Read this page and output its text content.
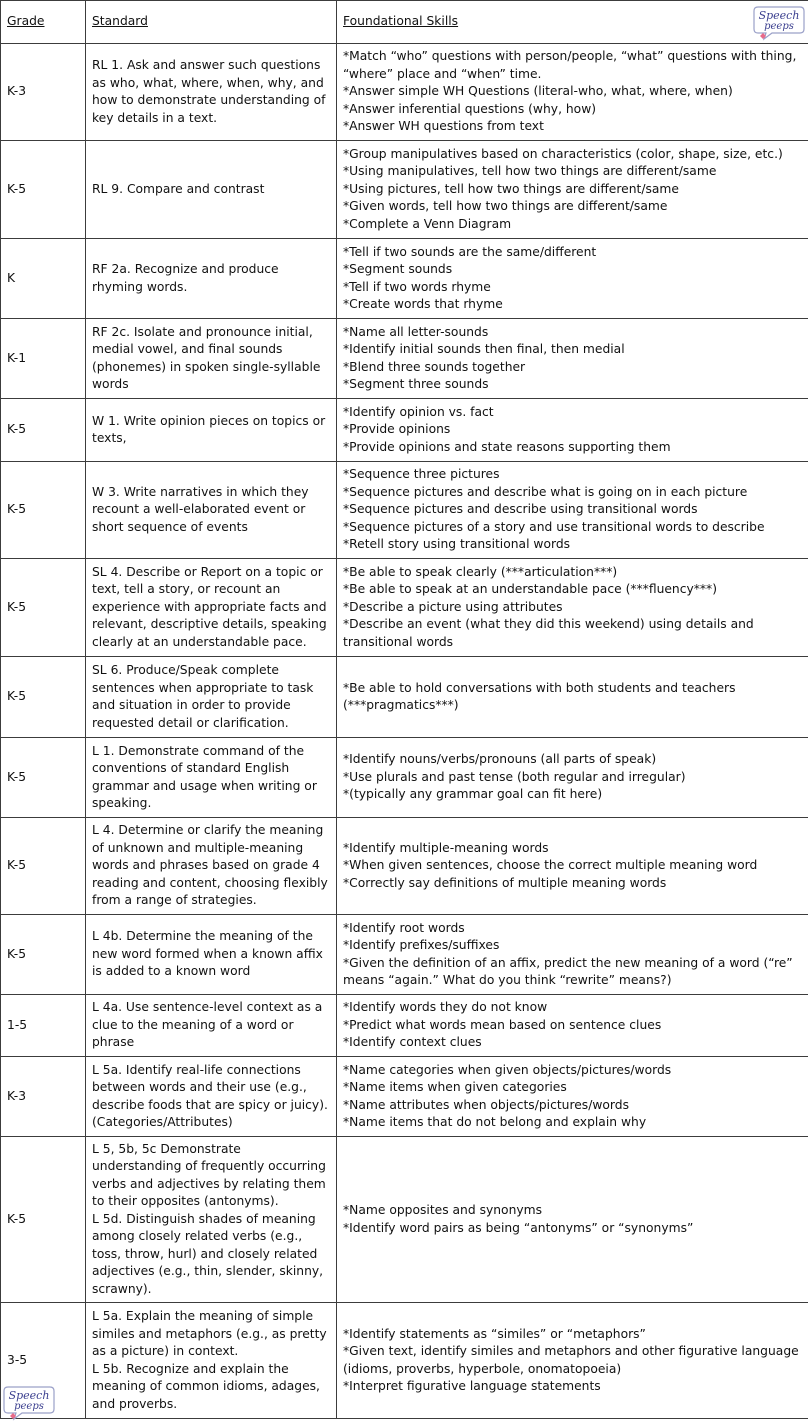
Grade	Standard	Foundational Skills Speech
peeps

K-3	RL 1. Ask and answer such questions as who, what, where, when, why, and how to demonstrate understanding of key details in a text.	*Match “who” questions with person/people, “what” questions with thing, “where” place and “when” time.
*Answer simple WH Questions (literal-who, what, where, when)
*Answer inferential questions (why, how)
*Answer WH questions from text

K-5	RL 9. Compare and contrast	*Group manipulatives based on characteristics (color, shape, size, etc.)
*Using manipulatives, tell how two things are different/same
*Using pictures, tell how two things are different/same
*Given words, tell how two things are different/same
*Complete a Venn Diagram

K	RF 2a. Recognize and produce rhyming words.	*Tell if two sounds are the same/different
*Segment sounds
*Tell if two words rhyme
*Create words that rhyme

K-1	RF 2c. Isolate and pronounce initial, medial vowel, and final sounds (phonemes) in spoken single-syllable words	*Name all letter-sounds
*Identify initial sounds then final, then medial
*Blend three sounds together
*Segment three sounds

K-5	W 1. Write opinion pieces on topics or texts,	*Identify opinion vs. fact
*Provide opinions
*Provide opinions and state reasons supporting them

K-5	W 3. Write narratives in which they recount a well-elaborated event or short sequence of events	*Sequence three pictures
*Sequence pictures and describe what is going on in each picture
*Sequence pictures and describe using transitional words
*Sequence pictures of a story and use transitional words to describe
*Retell story using transitional words

K-5	SL 4. Describe or Report on a topic or text, tell a story, or recount an experience with appropriate facts and relevant, descriptive details, speaking clearly at an understandable pace.	*Be able to speak clearly (***articulation***)
*Be able to speak at an understandable pace (***fluency***)
*Describe a picture using attributes
*Describe an event (what they did this weekend) using details and transitional words

K-5	SL 6. Produce/Speak complete sentences when appropriate to task and situation in order to provide requested detail or clarification.	*Be able to hold conversations with both students and teachers (***pragmatics***)

K-5	L 1. Demonstrate command of the conventions of standard English grammar and usage when writing or speaking.	*Identify nouns/verbs/pronouns (all parts of speak)
*Use plurals and past tense (both regular and irregular)
*(typically any grammar goal can fit here)

K-5	L 4. Determine or clarify the meaning of unknown and multiple-meaning words and phrases based on grade 4 reading and content, choosing flexibly from a range of strategies.	*Identify multiple-meaning words
*When given sentences, choose the correct multiple meaning word
*Correctly say definitions of multiple meaning words

K-5	L 4b. Determine the meaning of the new word formed when a known affix is added to a known word	*Identify root words
*Identify prefixes/suffixes
*Given the definition of an affix, predict the new meaning of a word (“re” means “again.” What do you think “rewrite” means?)

1-5	L 4a. Use sentence-level context as a clue to the meaning of a word or phrase	*Identify words they do not know
*Predict what words mean based on sentence clues
*Identify context clues

K-3	L 5a. Identify real-life connections between words and their use (e.g., describe foods that are spicy or juicy). (Categories/Attributes)	*Name categories when given objects/pictures/words
*Name items when given categories
*Name attributes when objects/pictures/words
*Name items that do not belong and explain why

K-5	L 5, 5b, 5c Demonstrate understanding of frequently occurring verbs and adjectives by relating them to their opposites (antonyms).
L 5d. Distinguish shades of meaning among closely related verbs (e.g., toss, throw, hurl) and closely related adjectives (e.g., thin, slender, skinny, scrawny).	*Name opposites and synonyms
*Identify word pairs as being “antonyms” or “synonyms”

3-5	L 5a. Explain the meaning of simple similes and metaphors (e.g., as pretty as a picture) in context.
L 5b. Recognize and explain the meaning of common idioms, adages, and proverbs.	*Identify statements as “similes” or “metaphors”
*Given text, identify similes and metaphors and other figurative language (idioms, proverbs, hyperbole, onomatopoeia)
*Interpret figurative language statements
Speech
peeps
